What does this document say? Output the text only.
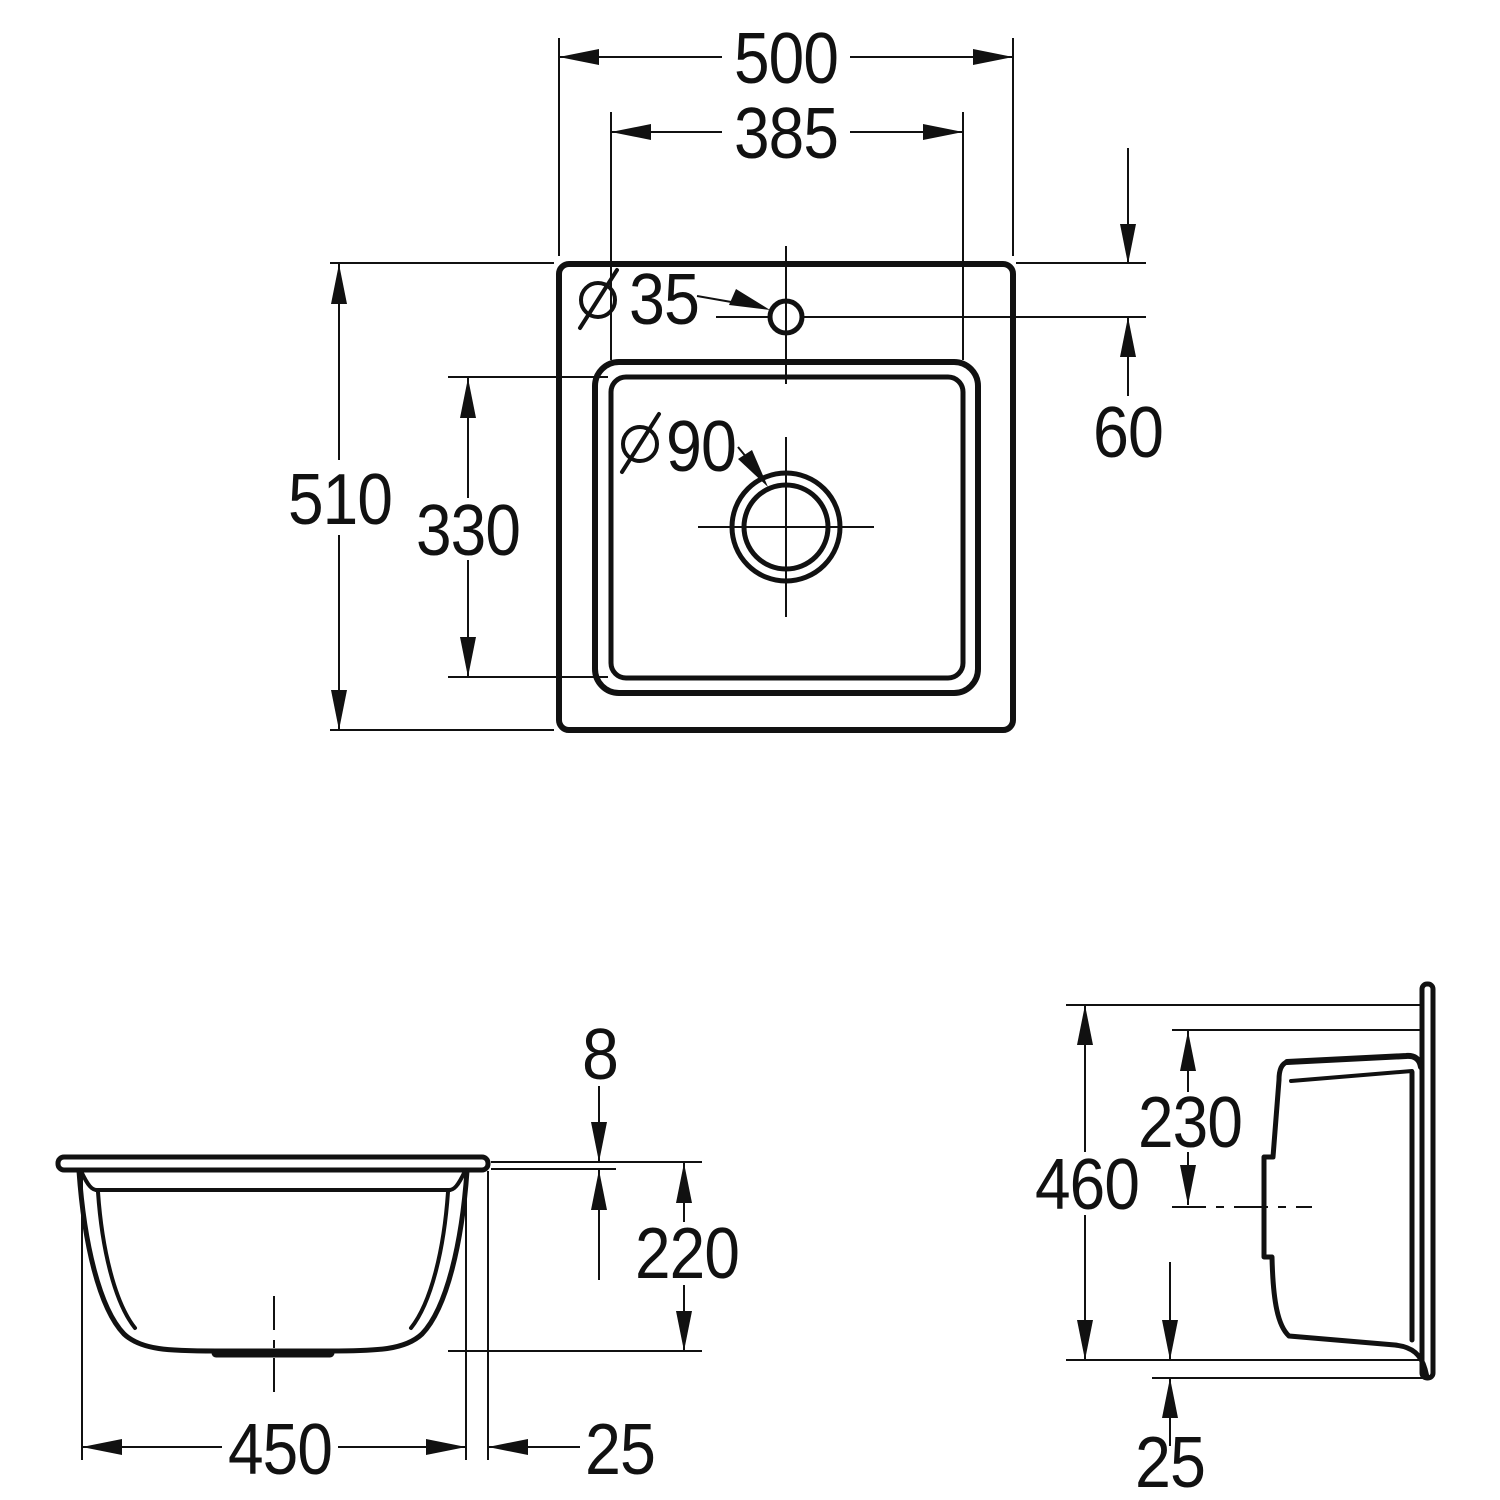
500
385
510 330
60
35
90
8
220
450	25
460
230
25
